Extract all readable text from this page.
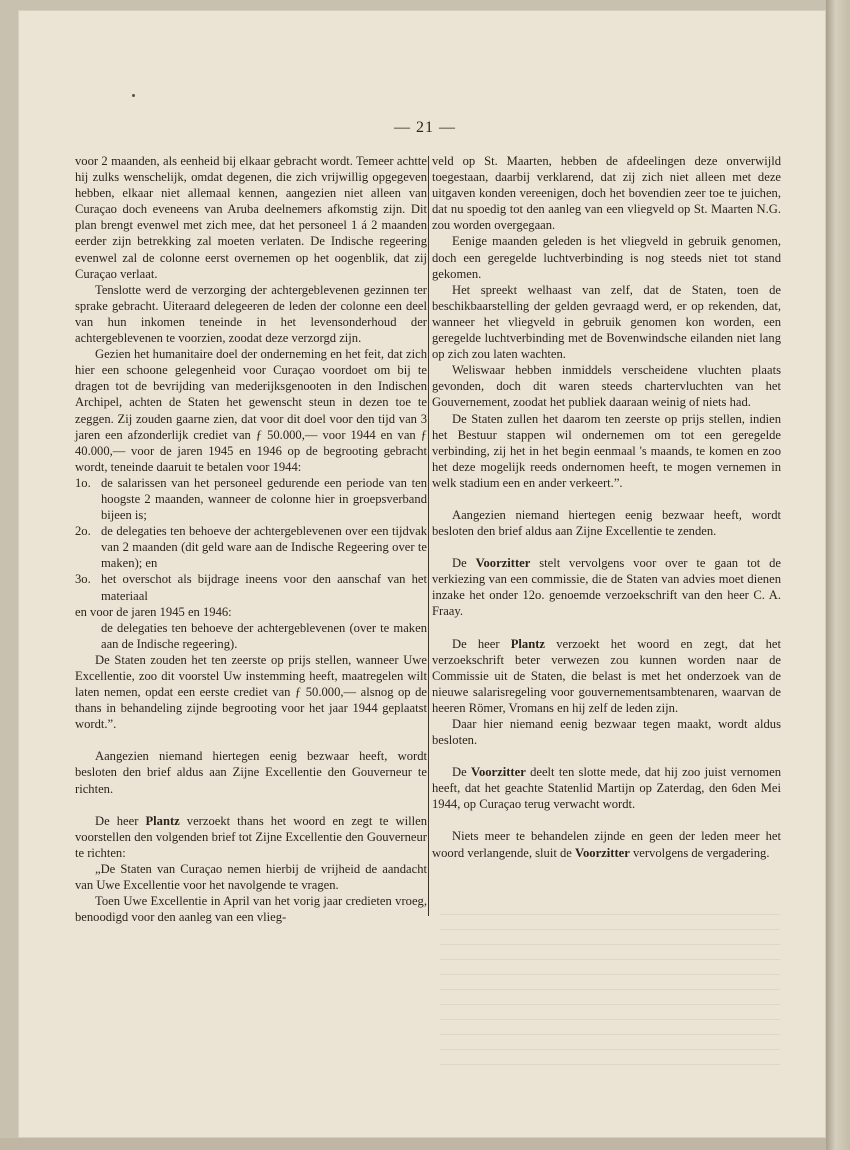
— 21 —

voor 2 maanden, als eenheid bij elkaar gebracht wordt. Temeer achtte hij zulks wenschelijk, omdat degenen, die zich vrijwillig opgegeven hebben, elkaar niet allemaal kennen, aangezien niet alleen van Curaçao doch eveneens van Aruba deelnemers afkomstig zijn. Dit plan brengt evenwel met zich mee, dat het personeel 1 á 2 maanden eerder zijn betrekking zal moeten verlaten. De Indische regeering evenwel zal de colonne eerst overnemen op het oogenblik, dat zij Curaçao verlaat.

Tenslotte werd de verzorging der achtergeblevenen gezinnen ter sprake gebracht. Uiteraard delegeeren de leden der colonne een deel van hun inkomen teneinde in het levensonderhoud der achtergeblevenen te voorzien, zoodat deze verzorgd zijn.

Gezien het humanitaire doel der onderneming en het feit, dat zich hier een schoone gelegenheid voor Curaçao voordoet om bij te dragen tot de bevrijding van mederijksgenooten in den Indischen Archipel, achten de Staten het gewenscht steun in dezen toe te zeggen. Zij zouden gaarne zien, dat voor dit doel voor den tijd van 3 jaren een afzonderlijk crediet van ƒ 50.000,— voor 1944 en van ƒ 40.000,— voor de jaren 1945 en 1946 op de begrooting gebracht wordt, teneinde daaruit te betalen voor 1944:

1o. de salarissen van het personeel gedurende een periode van ten hoogste 2 maanden, wanneer de colonne hier in groepsverband bijeen is;
2o. de delegaties ten behoeve der achtergeblevenen over een tijdvak van 2 maanden (dit geld ware aan de Indische Regeering over te maken); en
3o. het overschot als bijdrage ineens voor den aanschaf van het materiaal

en voor de jaren 1945 en 1946:

de delegaties ten behoeve der achtergeblevenen (over te maken aan de Indische regeering).

De Staten zouden het ten zeerste op prijs stellen, wanneer Uwe Excellentie, zoo dit voorstel Uw instemming heeft, maatregelen wilt laten nemen, opdat een eerste crediet van ƒ 50.000,— alsnog op de thans in behandeling zijnde begrooting voor het jaar 1944 geplaatst wordt.”.

Aangezien niemand hiertegen eenig bezwaar heeft, wordt besloten den brief aldus aan Zijne Excellentie den Gouverneur te richten.

De heer Plantz verzoekt thans het woord en zegt te willen voorstellen den volgenden brief tot Zijne Excellentie den Gouverneur te richten:

„De Staten van Curaçao nemen hierbij de vrijheid de aandacht van Uwe Excellentie voor het navolgende te vragen.

Toen Uwe Excellentie in April van het vorig jaar credieten vroeg, benoodigd voor den aanleg van een vlieg-

veld op St. Maarten, hebben de afdeelingen deze onverwijld toegestaan, daarbij verklarend, dat zij zich niet alleen met deze uitgaven konden vereenigen, doch het bovendien zeer toe te juichen, dat nu spoedig tot den aanleg van een vliegveld op St. Maarten N.G. zou worden overgegaan.

Eenige maanden geleden is het vliegveld in gebruik genomen, doch een geregelde luchtverbinding is nog steeds niet tot stand gekomen.

Het spreekt welhaast van zelf, dat de Staten, toen de beschikbaarstelling der gelden gevraagd werd, er op rekenden, dat, wanneer het vliegveld in gebruik genomen kon worden, een geregelde luchtverbinding met de Bovenwindsche eilanden niet lang op zich zou laten wachten.

Weliswaar hebben inmiddels verscheidene vluchten plaats gevonden, doch dit waren steeds chartervluchten van het Gouvernement, zoodat het publiek daaraan weinig of niets had.

De Staten zullen het daarom ten zeerste op prijs stellen, indien het Bestuur stappen wil ondernemen om tot een geregelde verbinding, zij het in het begin eenmaal 's maands, te komen en zoo het deze mogelijk reeds ondernomen heeft, te mogen vernemen in welk stadium een en ander verkeert.”.

Aangezien niemand hiertegen eenig bezwaar heeft, wordt besloten den brief aldus aan Zijne Excellentie te zenden.

De Voorzitter stelt vervolgens voor over te gaan tot de verkiezing van een commissie, die de Staten van advies moet dienen inzake het onder 12o. genoemde verzoekschrift van den heer C. A. Fraay.

De heer Plantz verzoekt het woord en zegt, dat het verzoekschrift beter verwezen zou kunnen worden naar de Commissie uit de Staten, die belast is met het onderzoek van de nieuwe salarisregeling voor gouvernementsambtenaren, waarvan de heeren Römer, Vromans en hij zelf de leden zijn.

Daar hier niemand eenig bezwaar tegen maakt, wordt aldus besloten.

De Voorzitter deelt ten slotte mede, dat hij zoo juist vernomen heeft, dat het geachte Statenlid Martijn op Zaterdag, den 6den Mei 1944, op Curaçao terug verwacht wordt.

Niets meer te behandelen zijnde en geen der leden meer het woord verlangende, sluit de Voorzitter vervolgens de vergadering.
